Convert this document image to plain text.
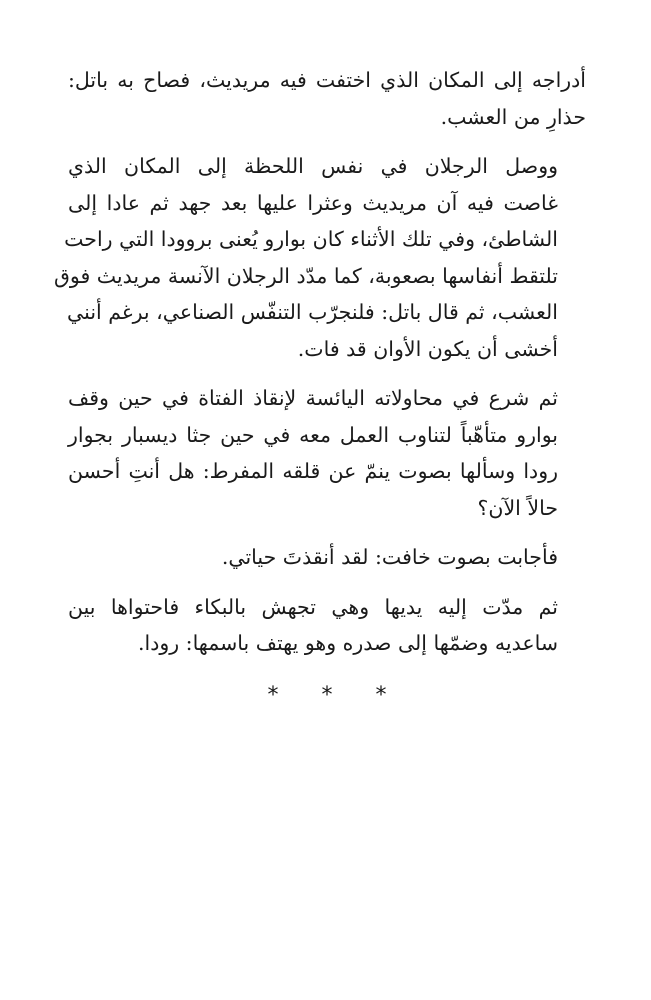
أدراجه إلى المكان الذي اختفت فيه مريديث، فصاح به باتل:
حذارِ من العشب.

ووصل الرجلان في نفس اللحظة إلى المكان الذي
غاصت فيه آن مريديث وعثرا عليها بعد جهد ثم عادا إلى
الشاطئ، وفي تلك الأثناء كان بوارو يُعنى بروودا التي راحت
تلتقط أنفاسها بصعوبة، كما مدّد الرجلان الآنسة مريديث فوق
العشب، ثم قال باتل: فلنجرّب التنفّس الصناعي، برغم أنني
أخشى أن يكون الأوان قد فات.

ثم شرع في محاولاته اليائسة لإنقاذ الفتاة في حين وقف
بوارو متأهّباً لتناوب العمل معه في حين جثا ديسبار بجوار
رودا وسألها بصوت ينمّ عن قلقه المفرط: هل أنتِ أحسن
حالاً الآن؟

فأجابت بصوت خافت: لقد أنقذتَ حياتي.

ثم مدّت إليه يديها وهي تجهش بالبكاء فاحتواها بين
ساعديه وضمّها إلى صدره وهو يهتف باسمها: رودا.

* * *
